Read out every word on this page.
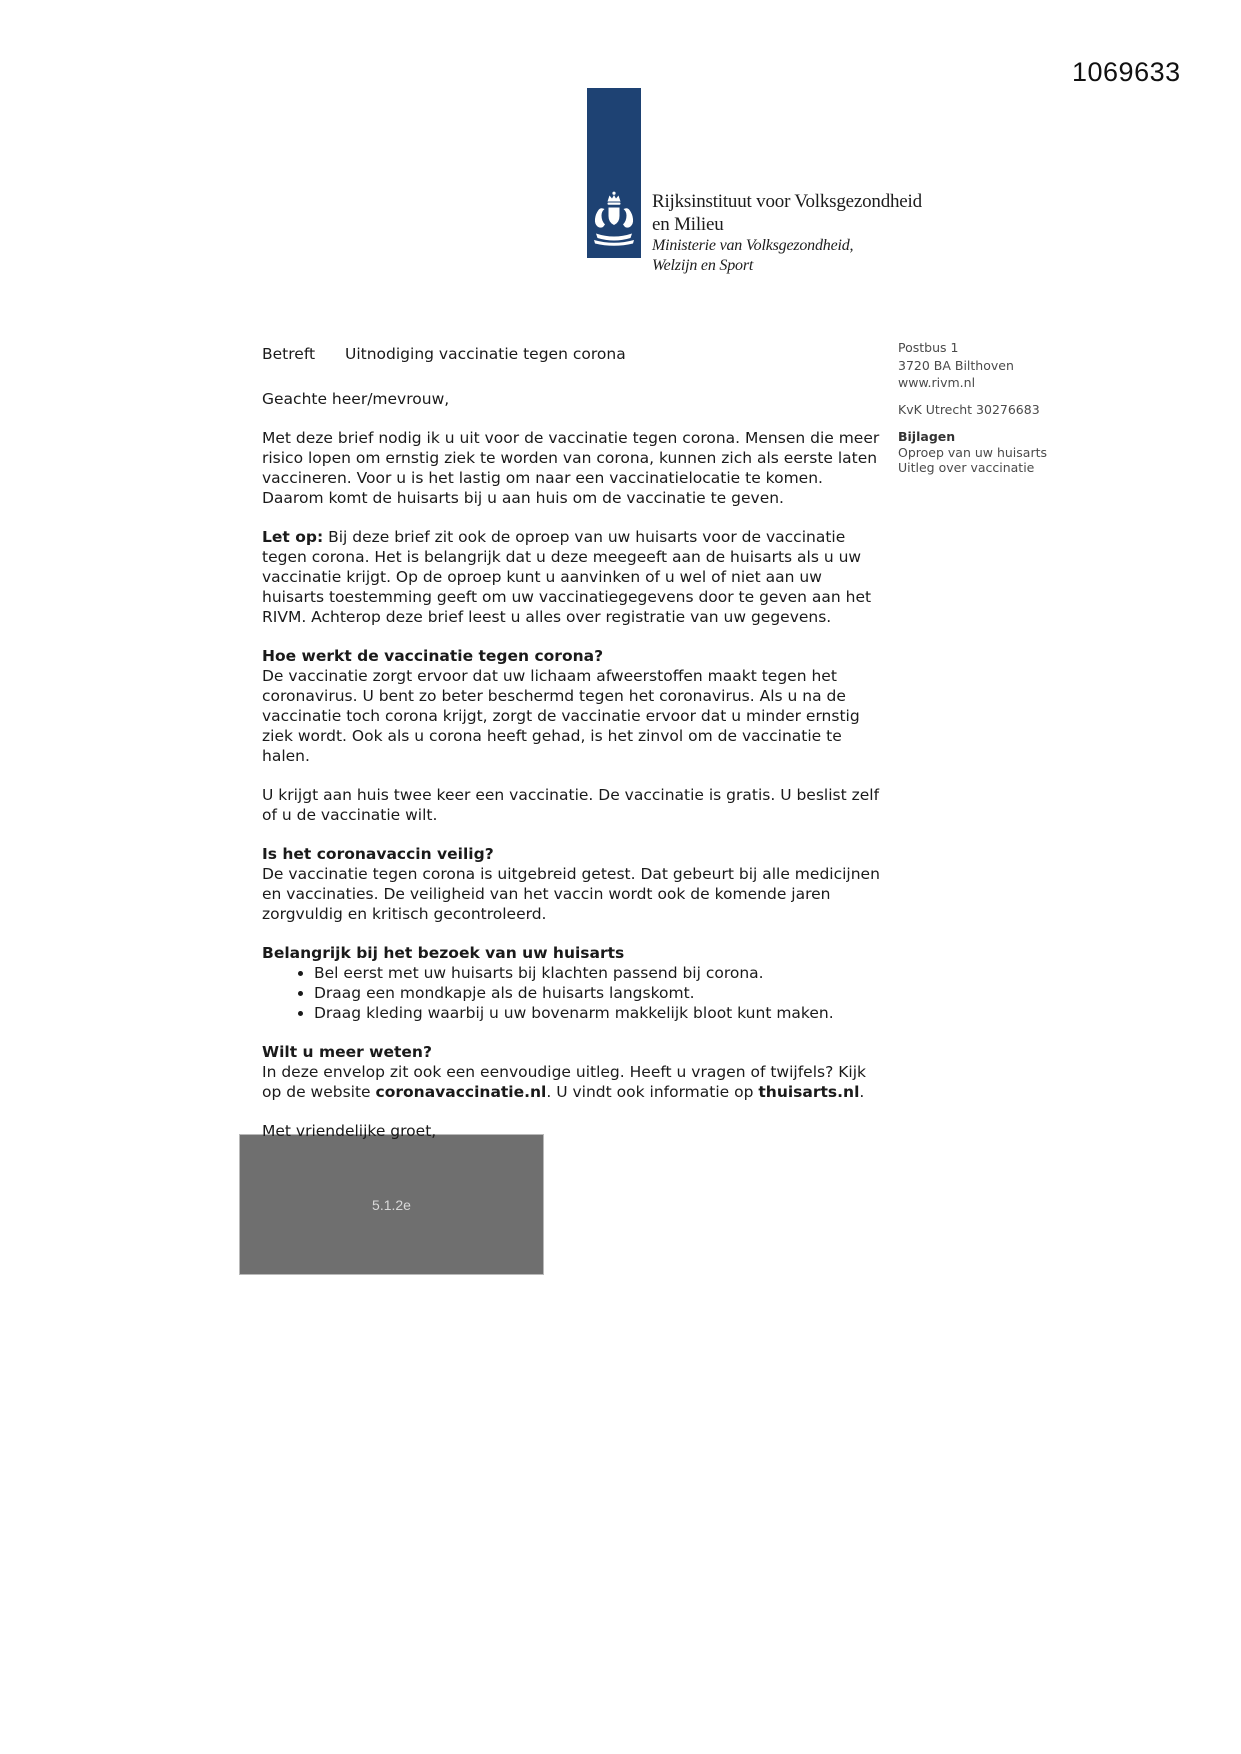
1069633
Rijksinstituut voor Volksgezondheid
en Milieu
Ministerie van Volksgezondheid,
Welzijn en Sport
Betreft	Uitnodiging vaccinatie tegen corona	Postbus 1
3720 BA Bilthoven
www.rivm.nl
KvK Utrecht 30276683
Bijlagen
Oproep van uw huisarts
Uitleg over vaccinatie

Geachte heer/mevrouw,

Met deze brief nodig ik u uit voor de vaccinatie tegen corona. Mensen die meer risico lopen om ernstig ziek te worden van corona, kunnen zich als eerste laten vaccineren. Voor u is het lastig om naar een vaccinatielocatie te komen. Daarom komt de huisarts bij u aan huis om de vaccinatie te geven.

Let op: Bij deze brief zit ook de oproep van uw huisarts voor de vaccinatie tegen corona. Het is belangrijk dat u deze meegeeft aan de huisarts als u uw vaccinatie krijgt. Op de oproep kunt u aanvinken of u wel of niet aan uw huisarts toestemming geeft om uw vaccinatiegegevens door te geven aan het RIVM. Achterop deze brief leest u alles over registratie van uw gegevens.

Hoe werkt de vaccinatie tegen corona?

De vaccinatie zorgt ervoor dat uw lichaam afweerstoffen maakt tegen het coronavirus. U bent zo beter beschermd tegen het coronavirus. Als u na de vaccinatie toch corona krijgt, zorgt de vaccinatie ervoor dat u minder ernstig ziek wordt. Ook als u corona heeft gehad, is het zinvol om de vaccinatie te halen.

U krijgt aan huis twee keer een vaccinatie. De vaccinatie is gratis. U beslist zelf of u de vaccinatie wilt.

Is het coronavaccin veilig?

De vaccinatie tegen corona is uitgebreid getest. Dat gebeurt bij alle medicijnen en vaccinaties. De veiligheid van het vaccin wordt ook de komende jaren zorgvuldig en kritisch gecontroleerd.

Belangrijk bij het bezoek van uw huisarts
• Bel eerst met uw huisarts bij klachten passend bij corona.
• Draag een mondkapje als de huisarts langskomt.
• Draag kleding waarbij u uw bovenarm makkelijk bloot kunt maken.
Wilt u meer weten?

In deze envelop zit ook een eenvoudige uitleg. Heeft u vragen of twijfels? Kijk op de website coronavaccinatie.nl. U vindt ook informatie op thuisarts.nl.

Met vriendelijke groet,

5.1.2e
